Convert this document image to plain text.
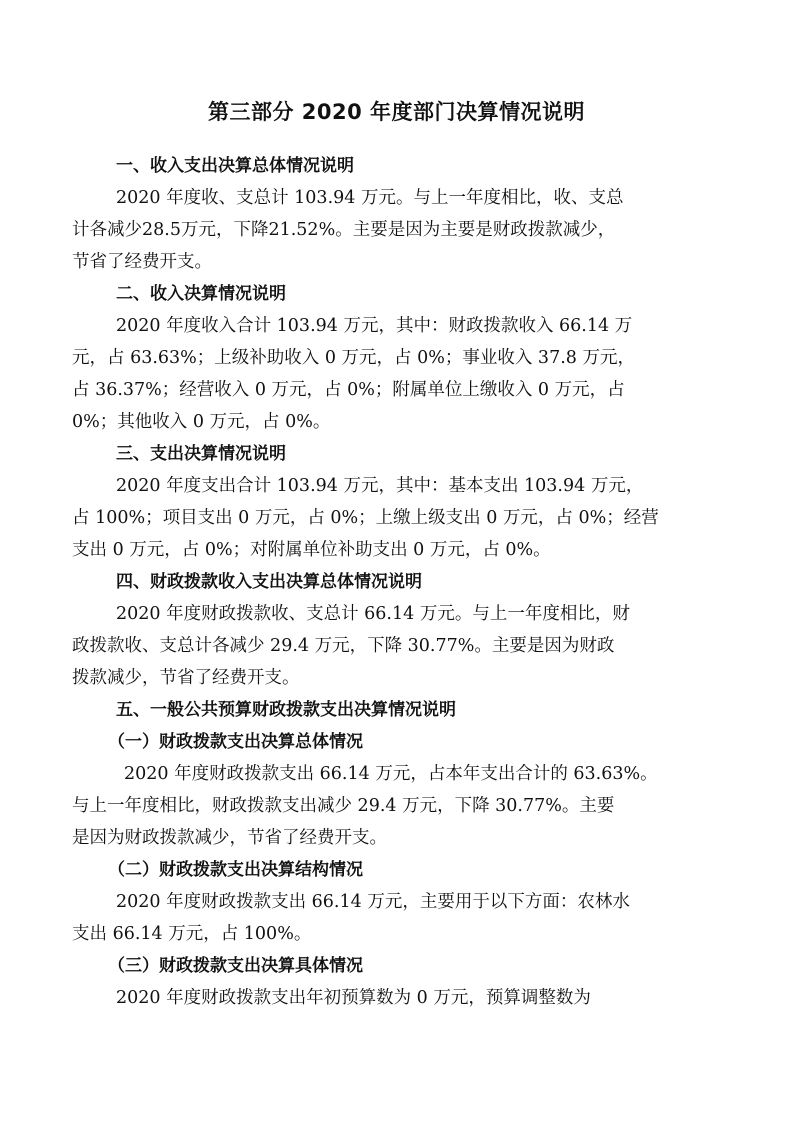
第三部分 2020 年度部门决算情况说明
一、收入支出决算总体情况说明
2020 年度收、支总计 103.94 万元。与上一年度相比，收、支总
计各减少28.5万元，下降21.52%。主要是因为主要是财政拨款减少，
节省了经费开支。
二、收入决算情况说明
2020 年度收入合计 103.94 万元，其中：财政拨款收入 66.14 万
元，占 63.63%；上级补助收入 0 万元，占 0%；事业收入 37.8 万元，
占 36.37%；经营收入 0 万元，占 0%；附属单位上缴收入 0 万元，占
0%；其他收入 0 万元，占 0%。
三、支出决算情况说明
2020 年度支出合计 103.94 万元，其中：基本支出 103.94 万元，
占 100%；项目支出 0 万元，占 0%；上缴上级支出 0 万元，占 0%；经营
支出 0 万元，占 0%；对附属单位补助支出 0 万元，占 0%。
四、财政拨款收入支出决算总体情况说明
2020 年度财政拨款收、支总计 66.14 万元。与上一年度相比，财
政拨款收、支总计各减少 29.4 万元，下降 30.77%。主要是因为财政
拨款减少，节省了经费开支。
五、一般公共预算财政拨款支出决算情况说明
（一）财政拨款支出决算总体情况
2020 年度财政拨款支出 66.14 万元，占本年支出合计的 63.63%。
与上一年度相比，财政拨款支出减少 29.4 万元，下降 30.77%。主要
是因为财政拨款减少，节省了经费开支。
（二）财政拨款支出决算结构情况
2020 年度财政拨款支出 66.14 万元，主要用于以下方面：农林水
支出 66.14 万元，占 100%。
（三）财政拨款支出决算具体情况
2020 年度财政拨款支出年初预算数为 0 万元，预算调整数为
